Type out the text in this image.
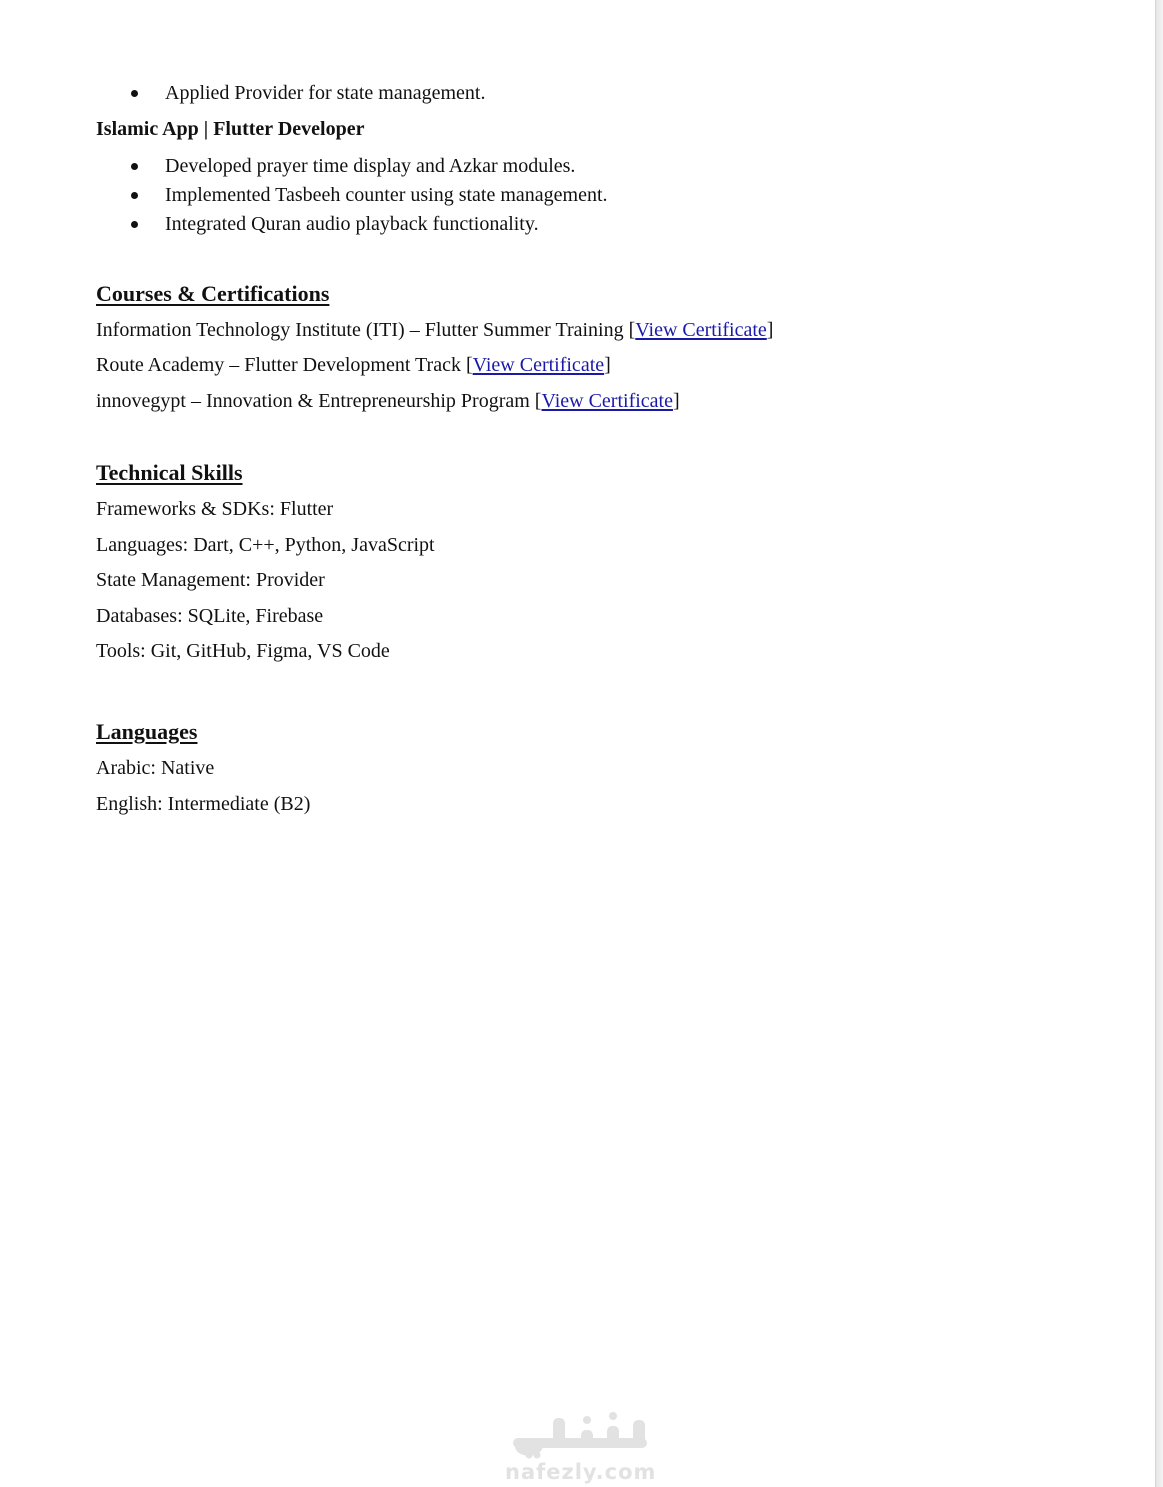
Applied Provider for state management.
Islamic App | Flutter Developer
Developed prayer time display and Azkar modules.
Implemented Tasbeeh counter using state management.
Integrated Quran audio playback functionality.
Courses & Certifications
Information Technology Institute (ITI) – Flutter Summer Training [View Certificate]
Route Academy – Flutter Development Track [View Certificate]
innovegypt – Innovation & Entrepreneurship Program [View Certificate]
Technical Skills
Frameworks & SDKs: Flutter
Languages: Dart, C++, Python, JavaScript
State Management: Provider
Databases: SQLite, Firebase
Tools: Git, GitHub, Figma, VS Code
Languages
Arabic: Native
English: Intermediate (B2)
nafezly.com
